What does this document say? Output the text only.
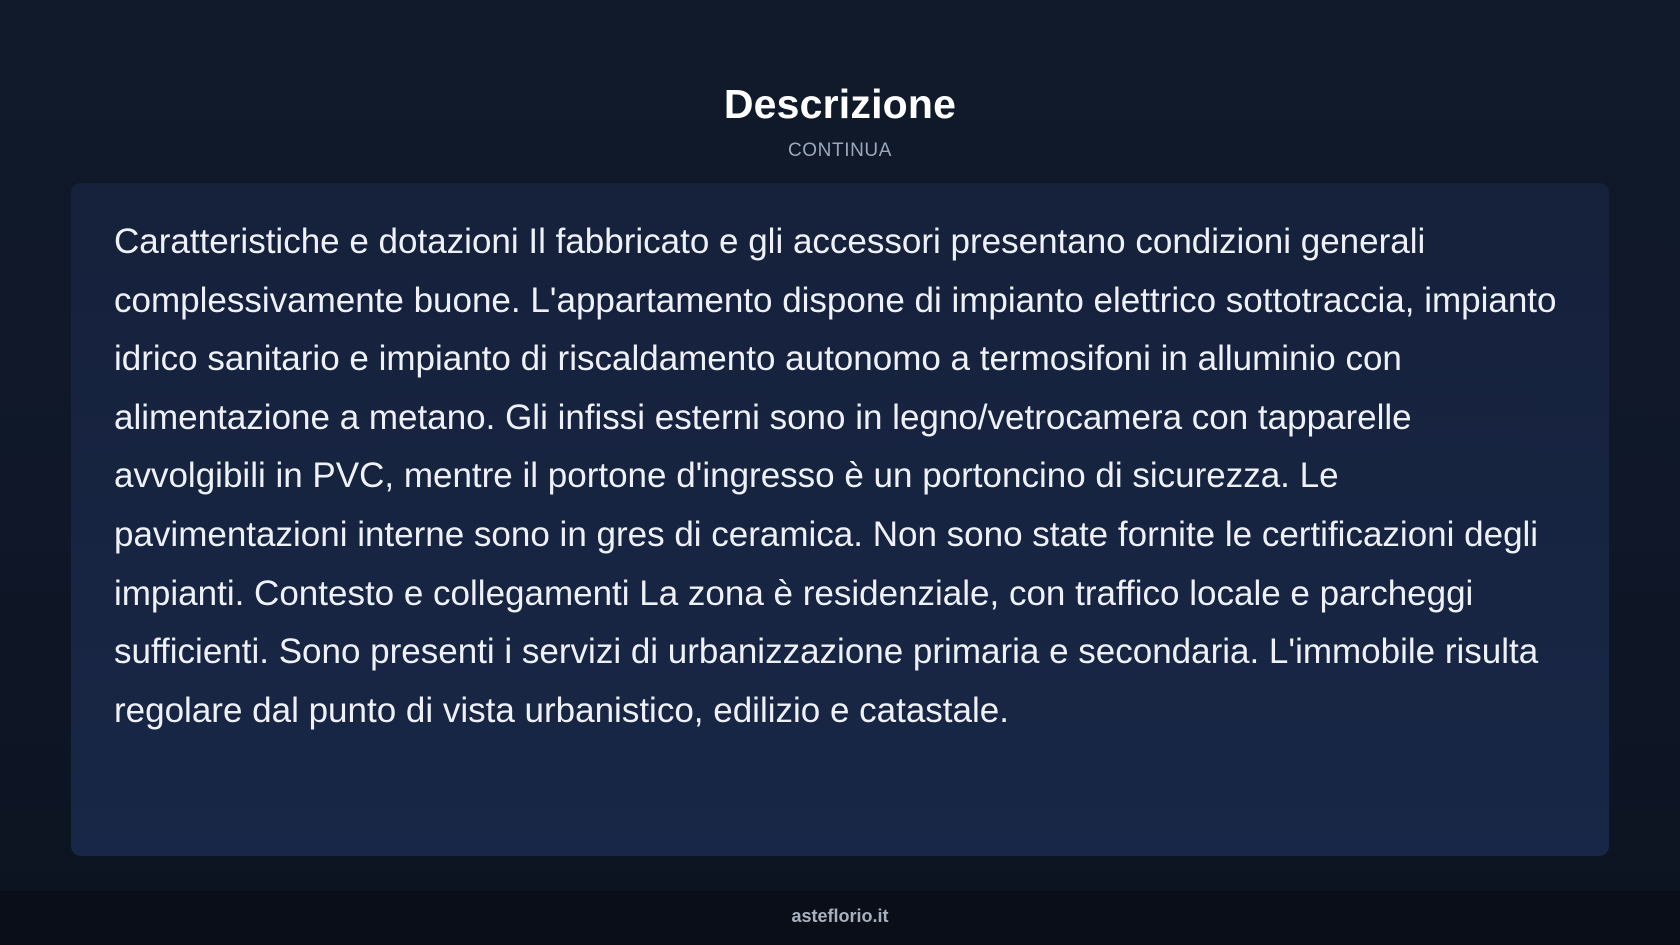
Descrizione
CONTINUA

Caratteristiche e dotazioni Il fabbricato e gli accessori presentano condizioni generali complessivamente buone. L'appartamento dispone di impianto elettrico sottotraccia, impianto idrico sanitario e impianto di riscaldamento autonomo a termosifoni in alluminio con alimentazione a metano. Gli infissi esterni sono in legno/vetrocamera con tapparelle avvolgibili in PVC, mentre il portone d'ingresso è un portoncino di sicurezza. Le pavimentazioni interne sono in gres di ceramica. Non sono state fornite le certificazioni degli impianti. Contesto e collegamenti La zona è residenziale, con traffico locale e parcheggi sufficienti. Sono presenti i servizi di urbanizzazione primaria e secondaria. L'immobile risulta regolare dal punto di vista urbanistico, edilizio e catastale.

asteflorio.it
